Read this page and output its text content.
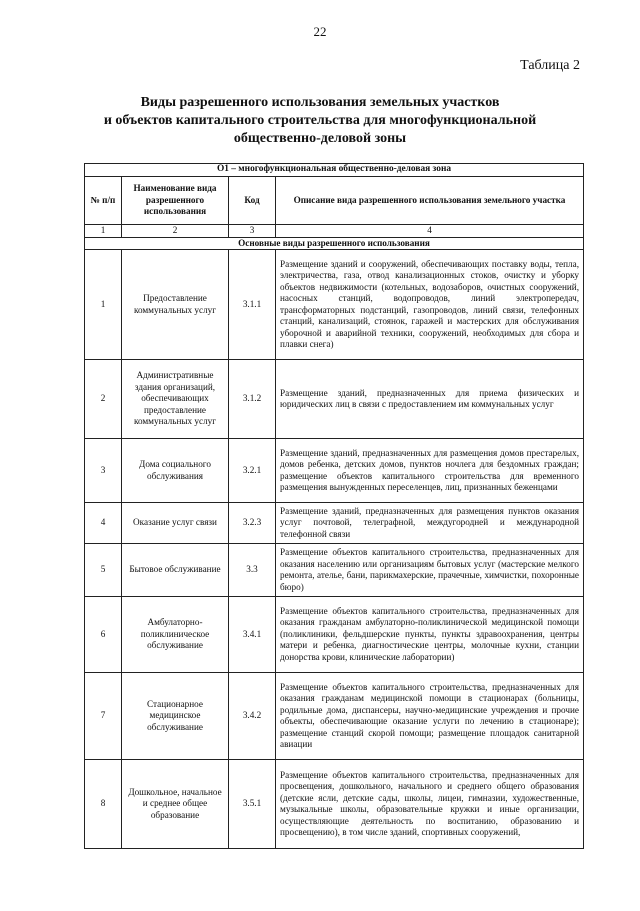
22
Таблица 2
Виды разрешенного использования земельных участков
и объектов капитального строительства для многофункциональной
общественно-деловой зоны
О1 – многофункциональная общественно-деловая зона			
№ п/п	Наименование вида разрешенного использования	Код	Описание вида разрешенного использования земельного участка
1	2	3	4
Основные виды разрешенного использования			
1	Предоставление коммунальных услуг	3.1.1	Размещение зданий и сооружений, обеспечивающих поставку воды, тепла, электричества, газа, отвод канализационных стоков, очистку и уборку объектов недвижимости (котельных, водозаборов, очистных сооружений, насосных станций, водопроводов, линий электропередач, трансформаторных подстанций, газопроводов, линий связи, телефонных станций, канализаций, стоянок, гаражей и мастерских для обслуживания уборочной и аварийной техники, сооружений, необходимых для сбора и плавки снега)
2	Административные здания организаций, обеспечивающих предоставление коммунальных услуг	3.1.2	Размещение зданий, предназначенных для приема физических и юридических лиц в связи с предоставлением им коммунальных услуг
3	Дома социального обслуживания	3.2.1	Размещение зданий, предназначенных для размещения домов престарелых, домов ребенка, детских домов, пунктов ночлега для бездомных граждан; размещение объектов капитального строительства для временного размещения вынужденных переселенцев, лиц, признанных беженцами
4	Оказание услуг связи	3.2.3	Размещение зданий, предназначенных для размещения пунктов оказания услуг почтовой, телеграфной, междугородней и международной телефонной связи
5	Бытовое обслуживание	3.3	Размещение объектов капитального строительства, предназначенных для оказания населению или организациям бытовых услуг (мастерские мелкого ремонта, ателье, бани, парикмахерские, прачечные, химчистки, похоронные бюро)
6	Амбулаторно-поликлиническое обслуживание	3.4.1	Размещение объектов капитального строительства, предназначенных для оказания гражданам амбулаторно-поликлинической медицинской помощи (поликлиники, фельдшерские пункты, пункты здравоохранения, центры матери и ребенка, диагностические центры, молочные кухни, станции донорства крови, клинические лаборатории)
7	Стационарное медицинское обслуживание	3.4.2	Размещение объектов капитального строительства, предназначенных для оказания гражданам медицинской помощи в стационарах (больницы, родильные дома, диспансеры, научно-медицинские учреждения и прочие объекты, обеспечивающие оказание услуги по лечению в стационаре); размещение станций скорой помощи; размещение площадок санитарной авиации
8	Дошкольное, начальное и среднее общее образование	3.5.1	Размещение объектов капитального строительства, предназначенных для просвещения, дошкольного, начального и среднего общего образования (детские ясли, детские сады, школы, лицеи, гимназии, художественные, музыкальные школы, образовательные кружки и иные организации, осуществляющие деятельность по воспитанию, образованию и просвещению), в том числе зданий, спортивных сооружений,
